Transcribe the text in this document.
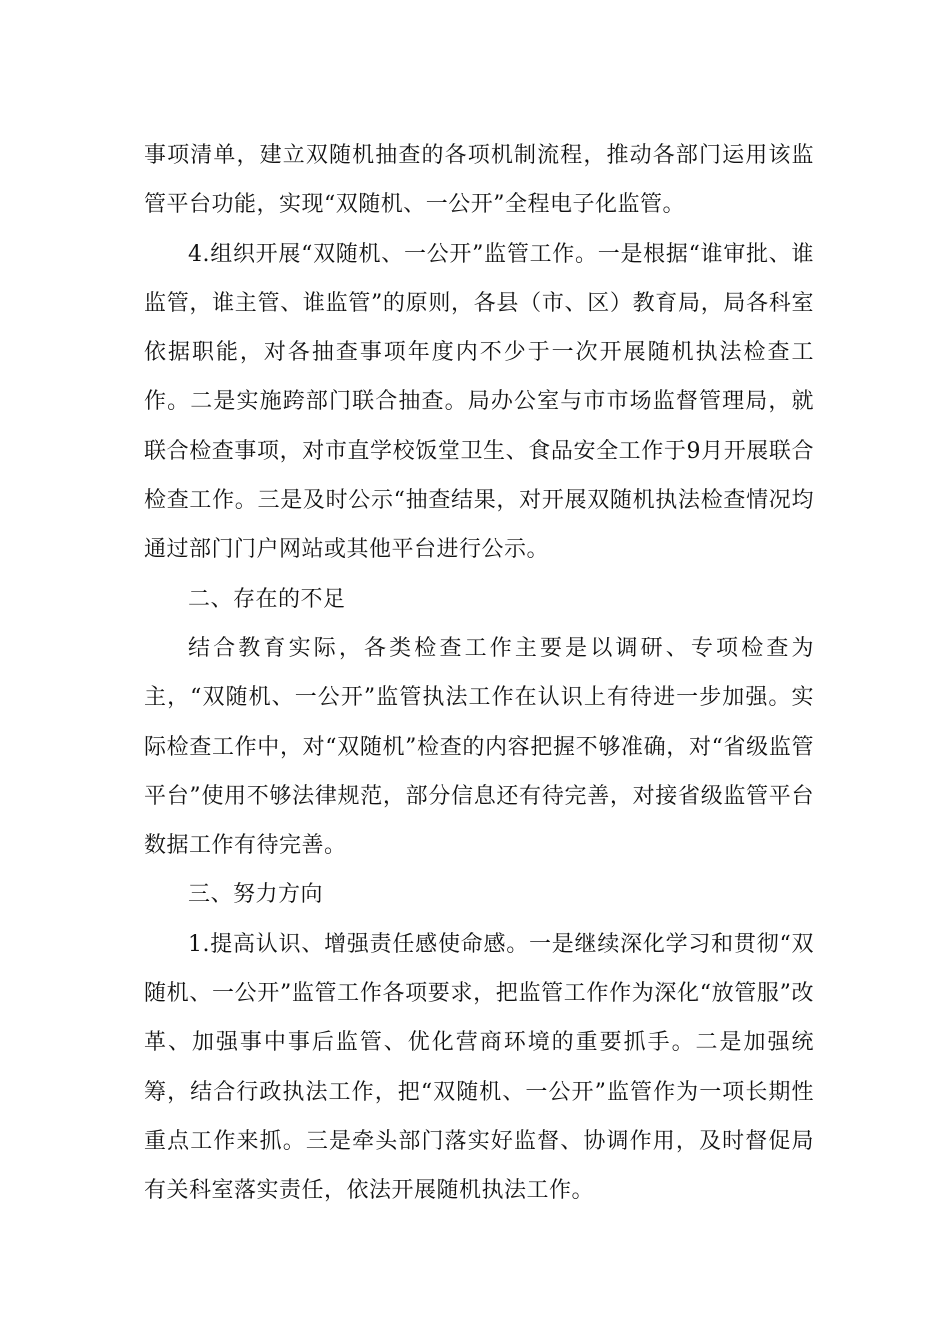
事项清单，建立双随机抽查的各项机制流程，推动各部门运用该监管平台功能，实现“双随机、一公开”全程电子化监管。

4.组织开展“双随机、一公开”监管工作。一是根据“谁审批、谁监管，谁主管、谁监管”的原则，各县（市、区）教育局，局各科室依据职能，对各抽查事项年度内不少于一次开展随机执法检查工作。二是实施跨部门联合抽查。局办公室与市市场监督管理局，就联合检查事项，对市直学校饭堂卫生、食品安全工作于9月开展联合检查工作。三是及时公示“抽查结果，对开展双随机执法检查情况均通过部门门户网站或其他平台进行公示。

二、存在的不足

结合教育实际，各类检查工作主要是以调研、专项检查为主，“双随机、一公开”监管执法工作在认识上有待进一步加强。实际检查工作中，对“双随机”检查的内容把握不够准确，对“省级监管平台”使用不够法律规范，部分信息还有待完善，对接省级监管平台数据工作有待完善。

三、努力方向

1.提高认识、增强责任感使命感。一是继续深化学习和贯彻“双随机、一公开”监管工作各项要求，把监管工作作为深化“放管服”改革、加强事中事后监管、优化营商环境的重要抓手。二是加强统筹，结合行政执法工作，把“双随机、一公开”监管作为一项长期性重点工作来抓。三是牵头部门落实好监督、协调作用，及时督促局有关科室落实责任，依法开展随机执法工作。
